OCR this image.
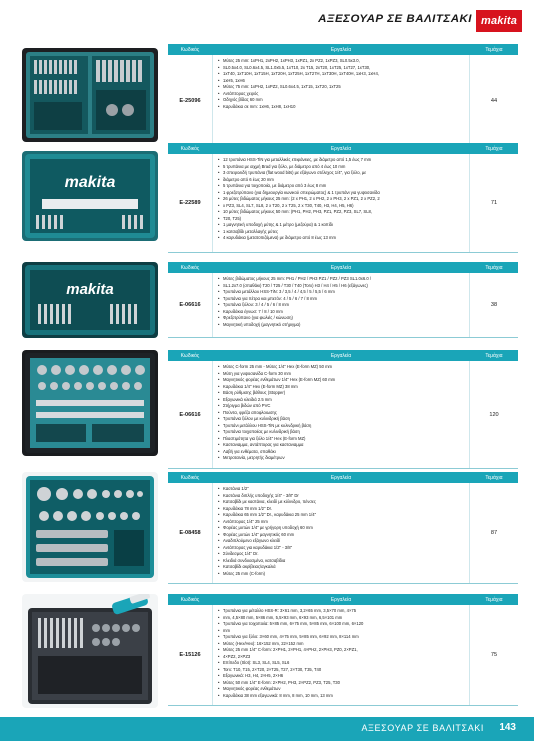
ΑΞΕΣΟΥΑΡ ΣΕ ΒΑΛΙΤΣΑΚΙ makita
Κωδικός	Εργαλεία	Τεμάχια
E-25096
• Μύτες 25 mm: 1xPH1, 2xPH2, 1xPH3, 1xPZ1, 2x PZ2, 1xPZ3, SL0.5x3.0,
• SL0.5x4.0, SL0.6x4.5, SL1.0x5.5, 1xT10, 2x T15, 2xT20, 1xT25, 1xT27, 1xT30,
• 1xT40, 1xT10H, 1xT15H, 1xT20H, 1xT25H, 1xT27H, 1xT30H, 1xT40H, 1xH3, 1xH4,
• 1xH5, 1xH6
• Μύτες 75 mm: 1xPH2, 1xPZ2, SL0.6x4.5, 1xT15, 1xT20, 1xT25
• Αντάπτορας χειρός
• Οδηγός βίδας 60 mm
• Καρυδάκια σε mm: 1xH6, 1xH8, 1xH10
44
makita
Κωδικός	Εργαλεία	Τεμάχια
E-22589
• 12 τρυπάνια HSS-TiN για μεταλλικές επιφάνειες, με διάμετρο από 1,5 έως 7 mm
• 5 τρυπάνια με αιχμή Brad για ξύλο, με διάμετρο από 4 έως 10 mm
• 3 σπειροειδή τρυπάνια (flat wood bits) με εξάγωνο στέλεχος 1/4", για ξύλο, με
• διάμετρο από 6 έως 20 mm
• 5 τρυπάνια για τοιχοποιία, με διάμετρο από 3 έως 8 mm
• 1 φρεζοτρύπανο (για δημιουργία κωνικού σπειρώματος) & 1 τρυπάνι για γυψοσανίδα
• 26 μύτες βιδώματος μήκους 25 mm: (2 x PH1, 2 x PH2, 2 x PH3, 2 x PZ1, 2 x PZ2, 2
• x PZ3, SL4, SL7, SL8, 2 x T20, 2 x T25, 2 x T30, T40, H3, H4, H5, H6)
• 10 μύτες βιδώματος μήκους 50 mm: (PH1, PH2, PH3, PZ1, PZ2, PZ3, SL7, SL8,
• T20, T25)
• 1 μαγνητική υποδοχή μύτης & 1 μέτρο (μεζούρα) & 1 κοπίδι
• 1 κατσαβίδι μεταλλαγής μύτες
• 4 καρυδάκια (μετατοπιζόμενα) με διάμετρο από 8 έως 13 mm
71
makita
Κωδικός	Εργαλεία	Τεμάχια
E-06616
• Μύτες βιδώματος μήκους 25 mm: PH1 / PH2 / PH3 PZ1 / PZ2 / PZ3 SL1.0x6.0 /
• SL1.2x7.0 (σπαθάκι) T20 / T25 / T30 / T40 (Torx) H3 / H4 / H5 / H6 (εξάγωνες)
• Τρυπάνια μετάλλου HSS-TiN: 3 / 3,5 / 4 / 4,5 / 5 / 5,5 / 6 mm
• Τρυπάνια για πέτρα και μπετόν: 4 / 5 / 6 / 7 / 8 mm
• Τρυπάνια ξύλου: 3 / 4 / 5 / 6 / 8 mm
• Καρυδάκια έγνωσ: 7 / 8 / 10 mm
• Φρεζοτρύπανο (για φωλιές / κώνωση)
• Μαγνητική υποδοχή (μαγνητικό στήριγμα)
38
Κωδικός	Εργαλεία	Τεμάχια
E-06616
• Μύτες C-form 25 mm - Μύτες 1/4" Hex (E-form MZ) 50 mm
• Μύτη για γυψοσανίδα C-form 30 mm
• Μαγνητικός φορέας ενθεμάτων 1/4" Hex (E-form MZ) 60 mm
• Καρυδάκια 1/4" Hex (E-form MZ) 38 mm
• Βάση ρύθμισης βάθους (Stopper)
• Εξαγωνικά κλειδιά 2.5 mm
• Στήριγμα βιδών από PVC
• Πούντα, φρέζα αποφλοιωσης
• Τρυπάνια ξύλου με κυλινδρική βάση
• Τρυπάνι μετάλλου HSS-TiN με κυλινδρική βάση
• Τρυπάνια τοιχοποιίας με κυλινδρική βάση
• Πλαστιμότητα για ξύλο 1/4" Hex (E-form MZ)
• Καστανιαμμα, αντάπτορας για καστανιαμμα
• Λαβή για ενθέματα, σπαθάκι
• Μετροταινία, μετρητής διαμέτρων
120
Κωδικός	Εργαλεία	Τεμάχια
E-08458
• Καστάνια 1/2"
• Καστάνια διπλής υποδοχής 1/4" - 3/8" Dr
• Κατσαβίδι με καστάνια, κλειδί με κύλινδρο, πένσες
• Καρυδάκια 78 mm 1/2" Dr.
• Καρυδάκια 65 mm 1/2" Dr., καρυδάκια 25 mm 1/4"
• Αντάπτορας 1/4" 25 mm
• Φορέας μυτών 1/4" με γρήγορη υποδοχή 60 mm
• Φορέας μυτών 1/4" μαγνητικός 60 mm
• Αναδιπλούμενο εξάγωνο κλειδί
• Αντάπτορας για καρυδάκια 1/2" - 3/8"
• Σύνδεσμος 1/4" Dr.
• Κλειδιά συνδυασμένα, κατσαβίδια
• Κατσαβίδι ακρίβειας/αγκαλιά
• Μύτες 25 mm (C-form)
87
Κωδικός	Εργαλεία	Τεμάχια
E-15126
• Τρυπάνια για μέταλλο HSS-R: 3×61 mm, 3,2×65 mm, 3,5×70 mm, 4×75
• mm, 4,5×80 mm, 5×86 mm, 5,5×93 mm, 6×93 mm, 6,5×101 mm
• Τρυπάνια για τοιχοποιία: 5×85 mm, 6×75 mm, 5×85 mm, 6×100 mm, 6×120
• mm
• Τρυπάνια για ξύλο: 3×60 mm, 4×75 mm, 5×85 mm, 6×92 mm, 8×114 mm
• Μύτες (Hex/Hex): 16×152 mm, 22×152 mm
• Μύτες 25 mm 1/4" C-form: 2×PH1, 2×PH1, 4×PH2, 2×PH3, PZ0, 2×PZ1,
• 4×PZ2, 2×PZ3
• Επίπεδο (Slot): SL3, SL4, SL5, SL6
• Torx: T10, T15, 2×T20, 2×T25, T27, 2×T30, T35, T40
• Εξαγωνικά: H3, H4, 2×H5, 2×H6
• Μύτες 50 mm 1/4" E-form: 2×PH2, PH3, 2×PZ2, PZ3, T25, T30
• Μαγνητικός φορέας ενθεμάτων
• Καρυδάκια 38 mm εξαγωνικά: 8 mm, 8 mm, 10 mm, 13 mm
75
ΑΞΕΣΟΥΑΡ ΣΕ ΒΑΛΙΤΣΑΚΙ 143
